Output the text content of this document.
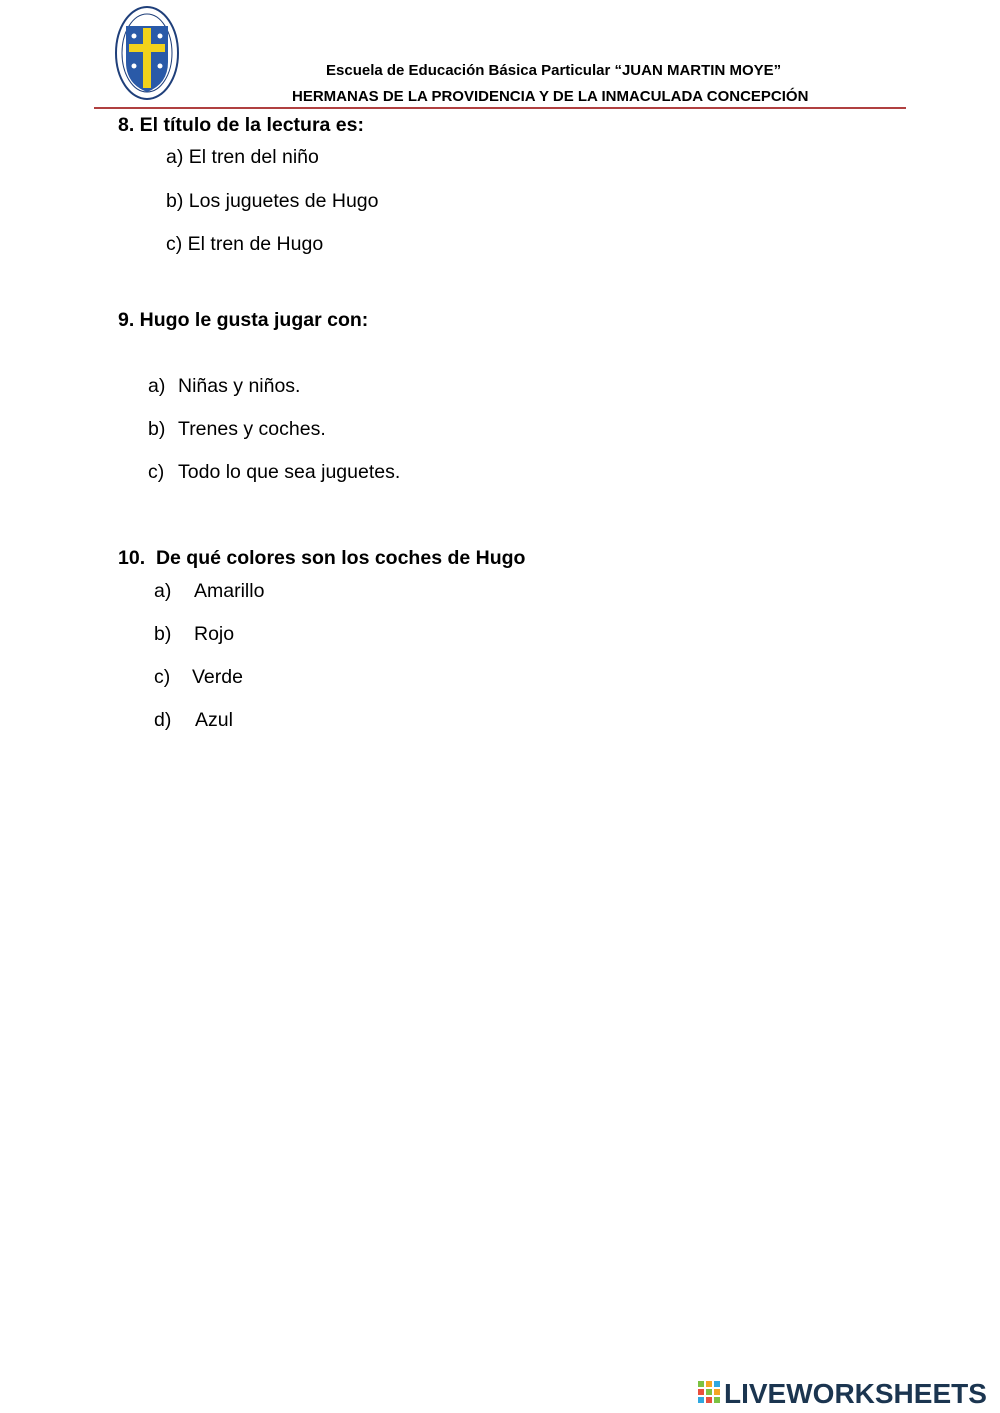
Escuela de Educación Básica Particular “JUAN MARTIN MOYE”
HERMANAS DE LA PROVIDENCIA Y DE LA INMACULADA CONCEPCIÓN
8. El título de la lectura es:
a) El tren del niño
b) Los juguetes de Hugo
c) El tren de Hugo
9. Hugo le gusta jugar con:
a) Niñas y niños.
b) Trenes y coches.
c) Todo lo que sea juguetes.
10.  De qué colores son los coches de Hugo
a) Amarillo
b) Rojo
c) Verde
d) Azul
LIVEWORKSHEETS
